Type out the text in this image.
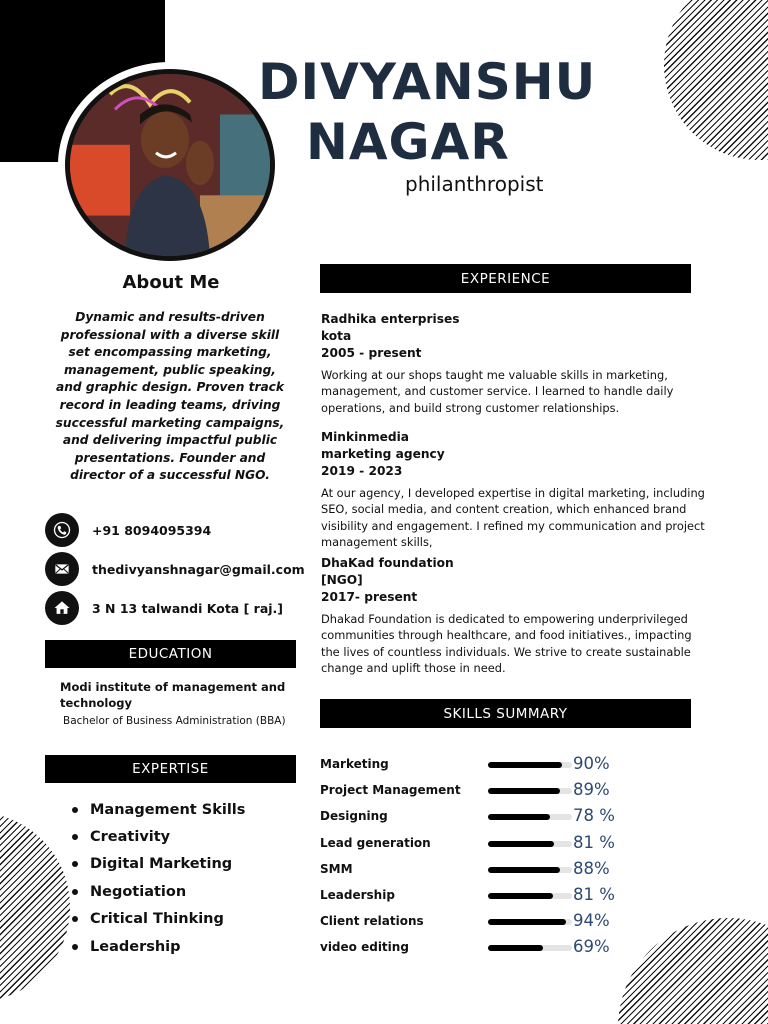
DIVYANSHU
NAGAR
philanthropist
About Me
Dynamic and results-driven professional with a diverse skill set encompassing marketing, management, public speaking, and graphic design. Proven track record in leading teams, driving successful marketing campaigns, and delivering impactful public presentations. Founder and director of a successful NGO.
+91 8094095394
thedivyanshnagar@gmail.com
3 N 13 talwandi Kota [ raj.]
EDUCATION
Modi institute of management and technology
Bachelor of Business Administration (BBA)
EXPERTISE
Management Skills
Creativity
Digital Marketing
Negotiation
Critical Thinking
Leadership
EXPERIENCE
Radhika enterprises
kota
2005 - present
Working at our shops taught me valuable skills in marketing, management, and customer service. I learned to handle daily operations, and build strong customer relationships.
Minkinmedia
marketing agency
2019 - 2023
At our agency, I developed expertise in digital marketing, including SEO, social media, and content creation, which enhanced brand visibility and engagement. I refined my communication and project management skills,
DhaKad foundation
[NGO]
2017- present
Dhakad Foundation is dedicated to empowering underprivileged communities through healthcare, and food initiatives., impacting the lives of countless individuals. We strive to create sustainable change and uplift those in need.
SKILLS SUMMARY
Marketing	90%
Project Management	89%
Designing	78 %
Lead generation	81 %
SMM	88%
Leadership	81 %
Client relations	94%
video editing	69%
